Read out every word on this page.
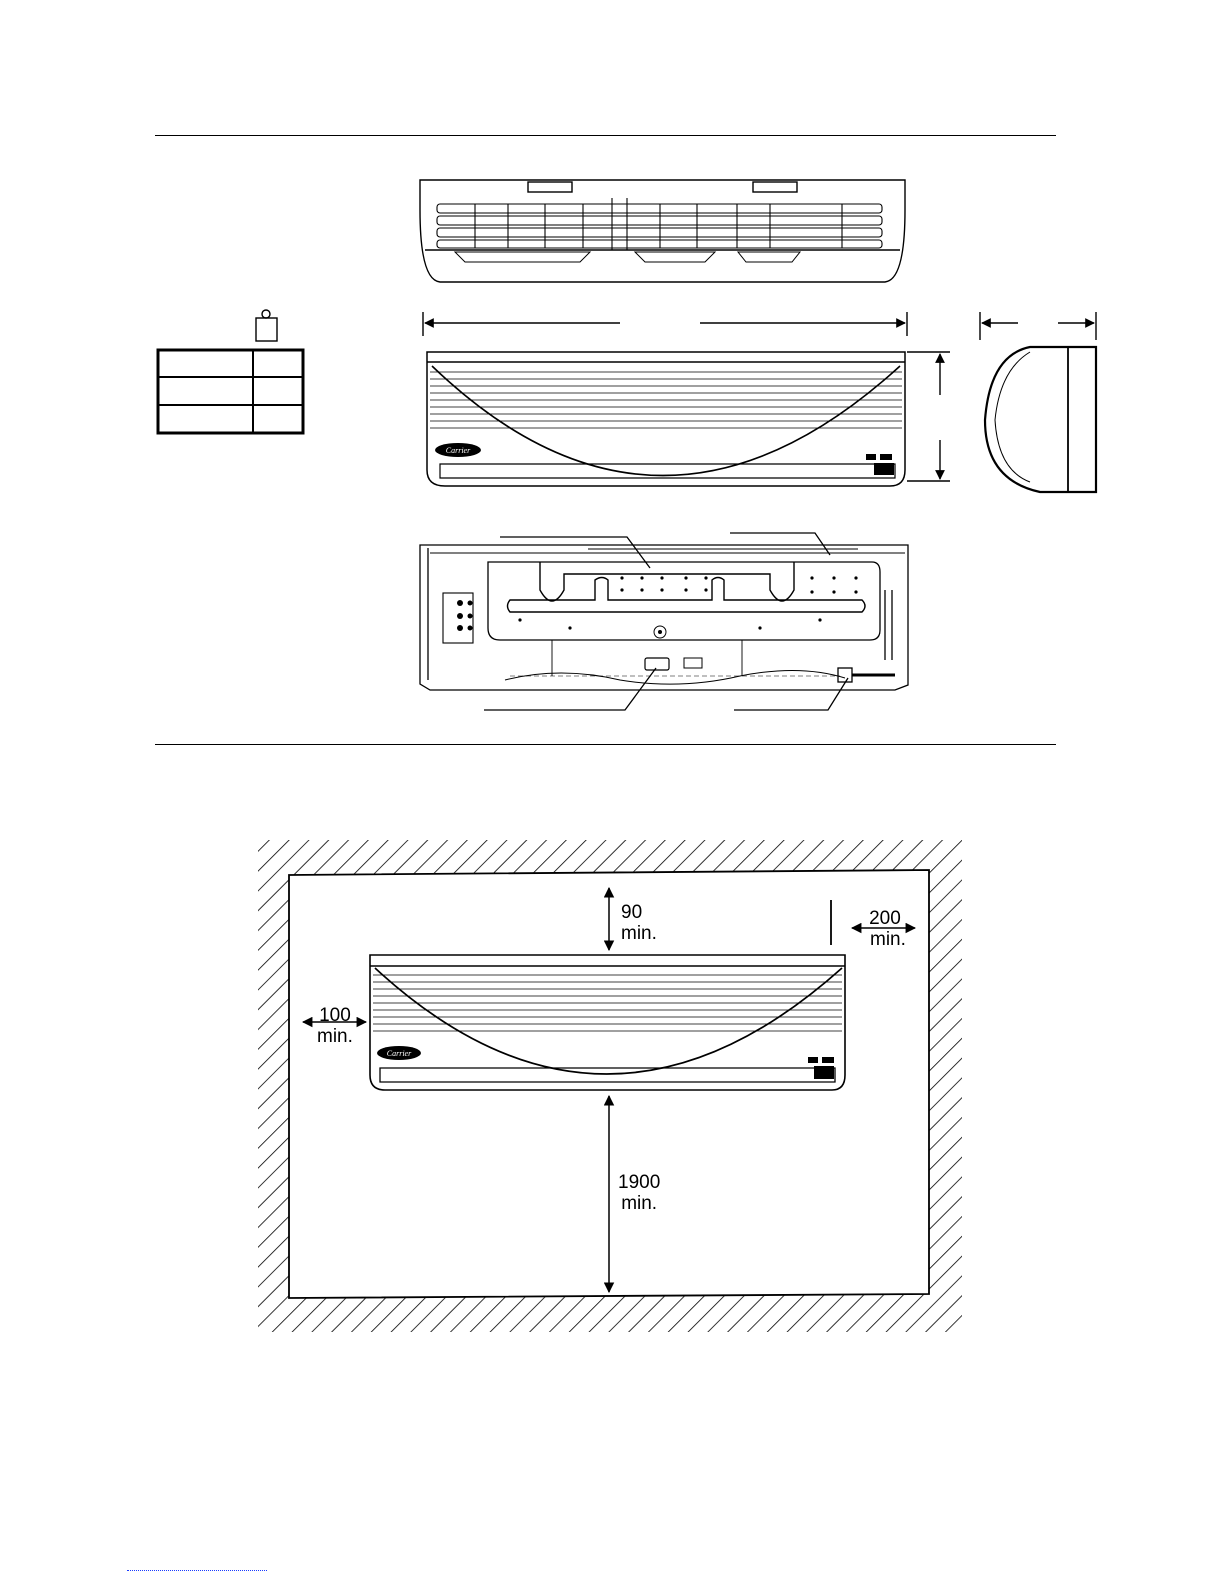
Carrier
Carrier
90
min.
200
min.
100
min.
1900
min.
